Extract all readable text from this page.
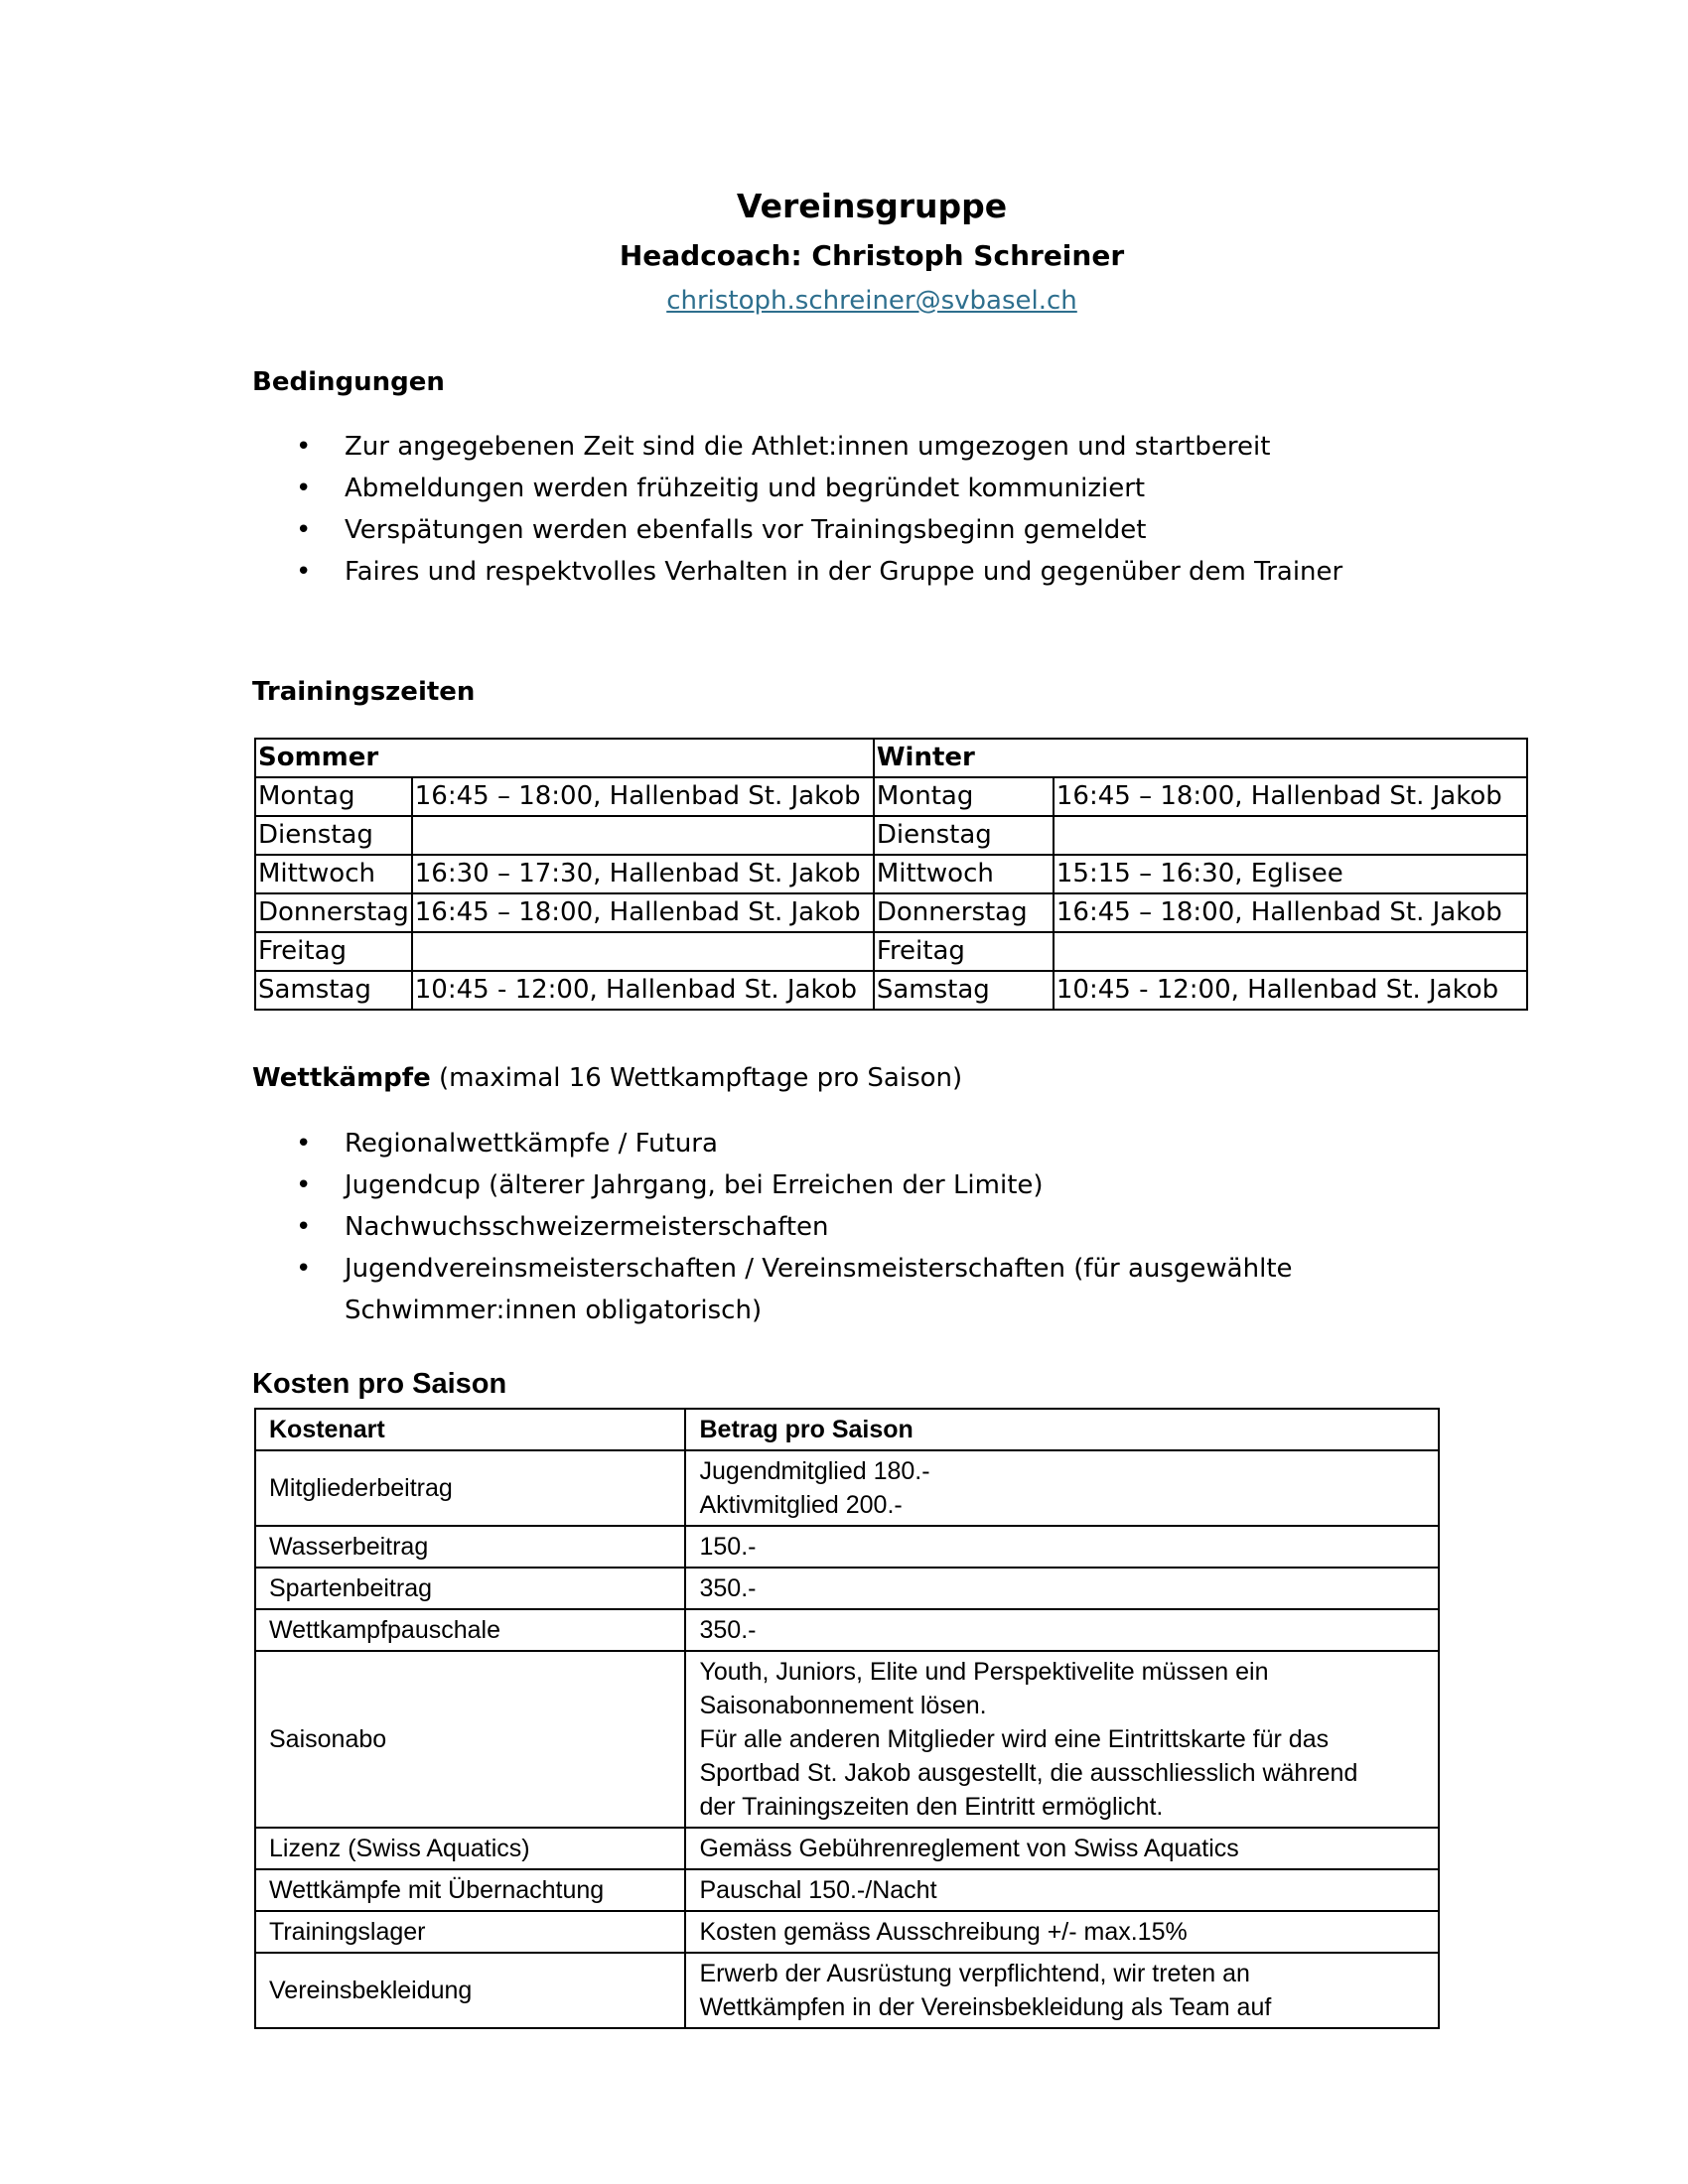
Vereinsgruppe
Headcoach: Christoph Schreiner
christoph.schreiner@svbasel.ch
Bedingungen
• Zur angegebenen Zeit sind die Athlet:innen umgezogen und startbereit
• Abmeldungen werden frühzeitig und begründet kommuniziert
• Verspätungen werden ebenfalls vor Trainingsbeginn gemeldet
• Faires und respektvolles Verhalten in der Gruppe und gegenüber dem Trainer
Trainingszeiten
Sommer		Winter	
Montag	16:45 – 18:00, Hallenbad St. Jakob	Montag	16:45 – 18:00, Hallenbad St. Jakob
Dienstag		Dienstag	
Mittwoch	16:30 – 17:30, Hallenbad St. Jakob	Mittwoch	15:15 – 16:30, Eglisee
Donnerstag	16:45 – 18:00, Hallenbad St. Jakob	Donnerstag	16:45 – 18:00, Hallenbad St. Jakob
Freitag		Freitag	
Samstag	10:45 - 12:00, Hallenbad St. Jakob	Samstag	10:45 - 12:00, Hallenbad St. Jakob
Wettkämpfe (maximal 16 Wettkampftage pro Saison)
• Regionalwettkämpfe / Futura
• Jugendcup (älterer Jahrgang, bei Erreichen der Limite)
• Nachwuchsschweizermeisterschaften
• Jugendvereinsmeisterschaften / Vereinsmeisterschaften (für ausgewählte
Schwimmer:innen obligatorisch)
Kosten pro Saison
Kostenart	Betrag pro Saison
Mitgliederbeitrag	Jugendmitglied 180.-
Aktivmitglied 200.-

Wasserbeitrag	150.-
Spartenbeitrag	350.-
Wettkampfpauschale	350.-
Saisonabo	Youth, Juniors, Elite und Perspektivelite müssen ein
Saisonabonnement lösen.
Für alle anderen Mitglieder wird eine Eintrittskarte für das
Sportbad St. Jakob ausgestellt, die ausschliesslich während
der Trainingszeiten den Eintritt ermöglicht.

Lizenz (Swiss Aquatics)	Gemäss Gebührenreglement von Swiss Aquatics
Wettkämpfe mit Übernachtung	Pauschal 150.-/Nacht
Trainingslager	Kosten gemäss Ausschreibung +/- max.15%
Vereinsbekleidung	Erwerb der Ausrüstung verpflichtend, wir treten an
Wettkämpfen in der Vereinsbekleidung als Team auf
